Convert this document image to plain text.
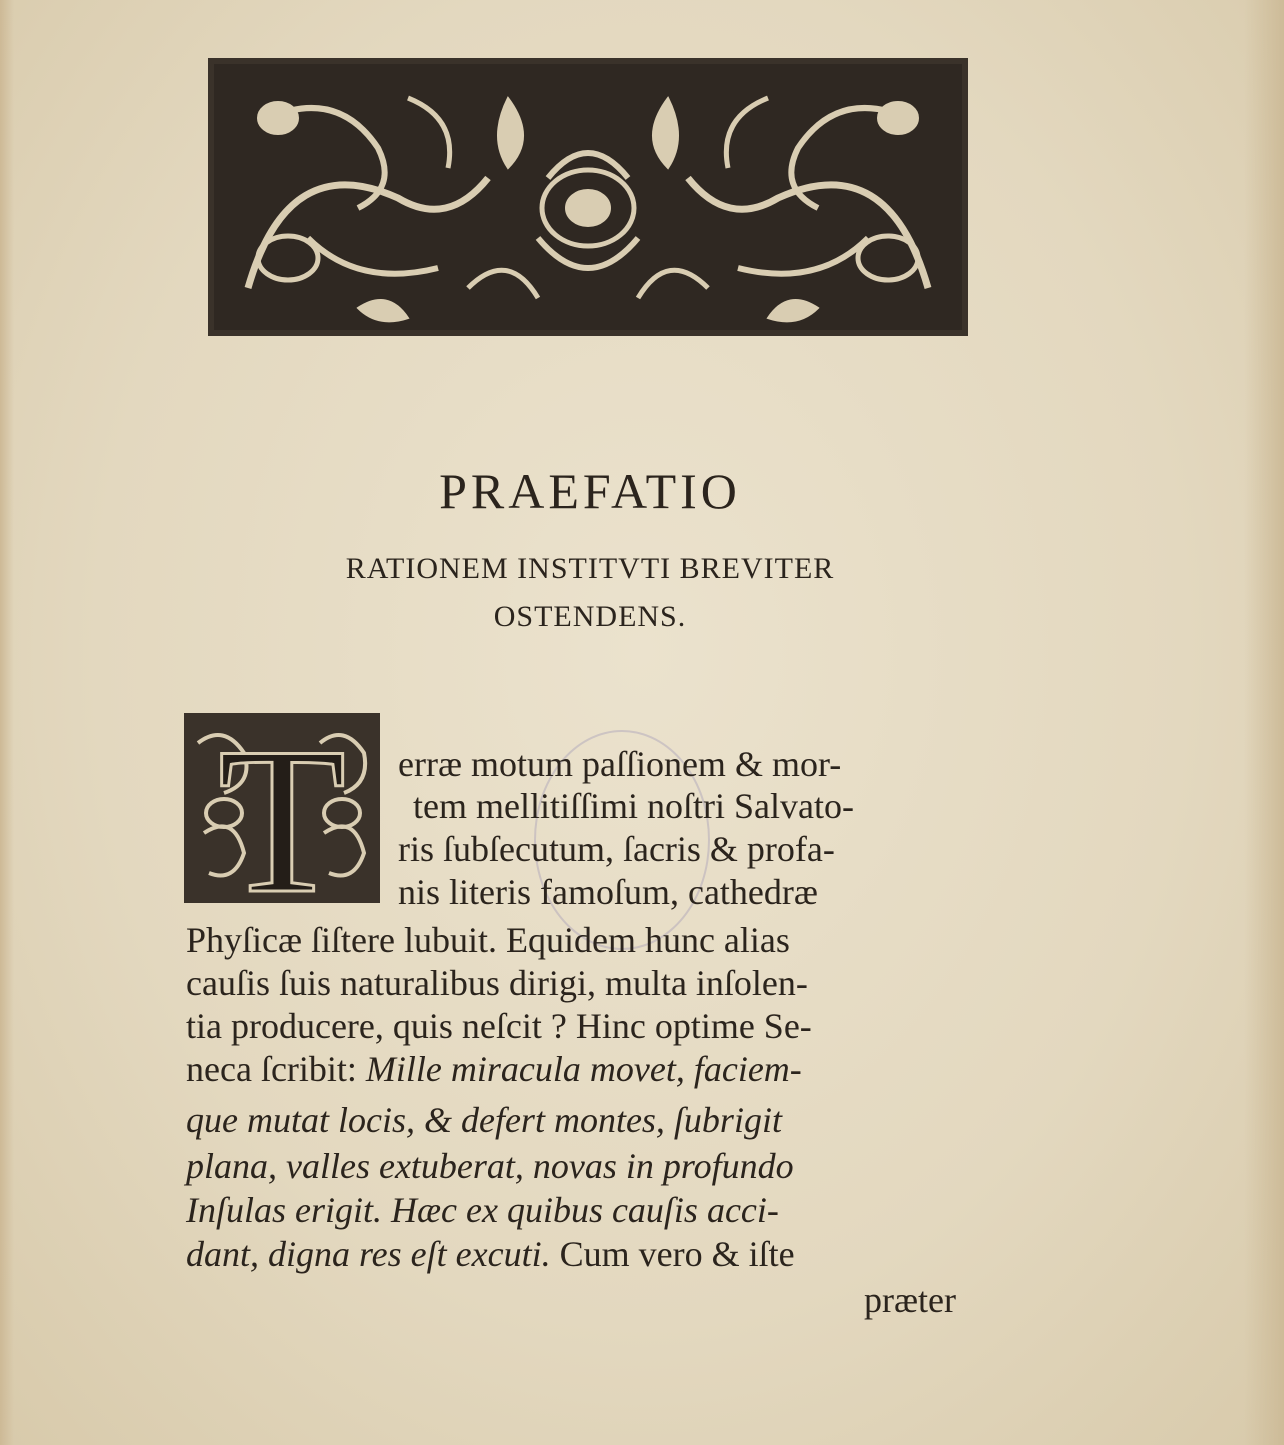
PRAEFATIO
RATIONEM INSTITVTI BREVITER
OSTENDENS.
T erræ motum paſſionem & mor-
tem mellitiſſimi noſtri Salvato-
ris ſubſecutum, ſacris & profa-
nis literis famoſum, cathedræ
Phyſicæ ſiſtere lubuit. Equidem hunc alias
cauſis ſuis naturalibus dirigi, multa inſolen-
tia producere, quis neſcit ? Hinc optime Se-
neca ſcribit: Mille miracula movet, faciem-
que mutat locis, & defert montes, ſubrigit
plana, valles extuberat, novas in profundo
Inſulas erigit. Hæc ex quibus cauſis acci-
dant, digna res eſt excuti. Cum vero & iſte
præter
